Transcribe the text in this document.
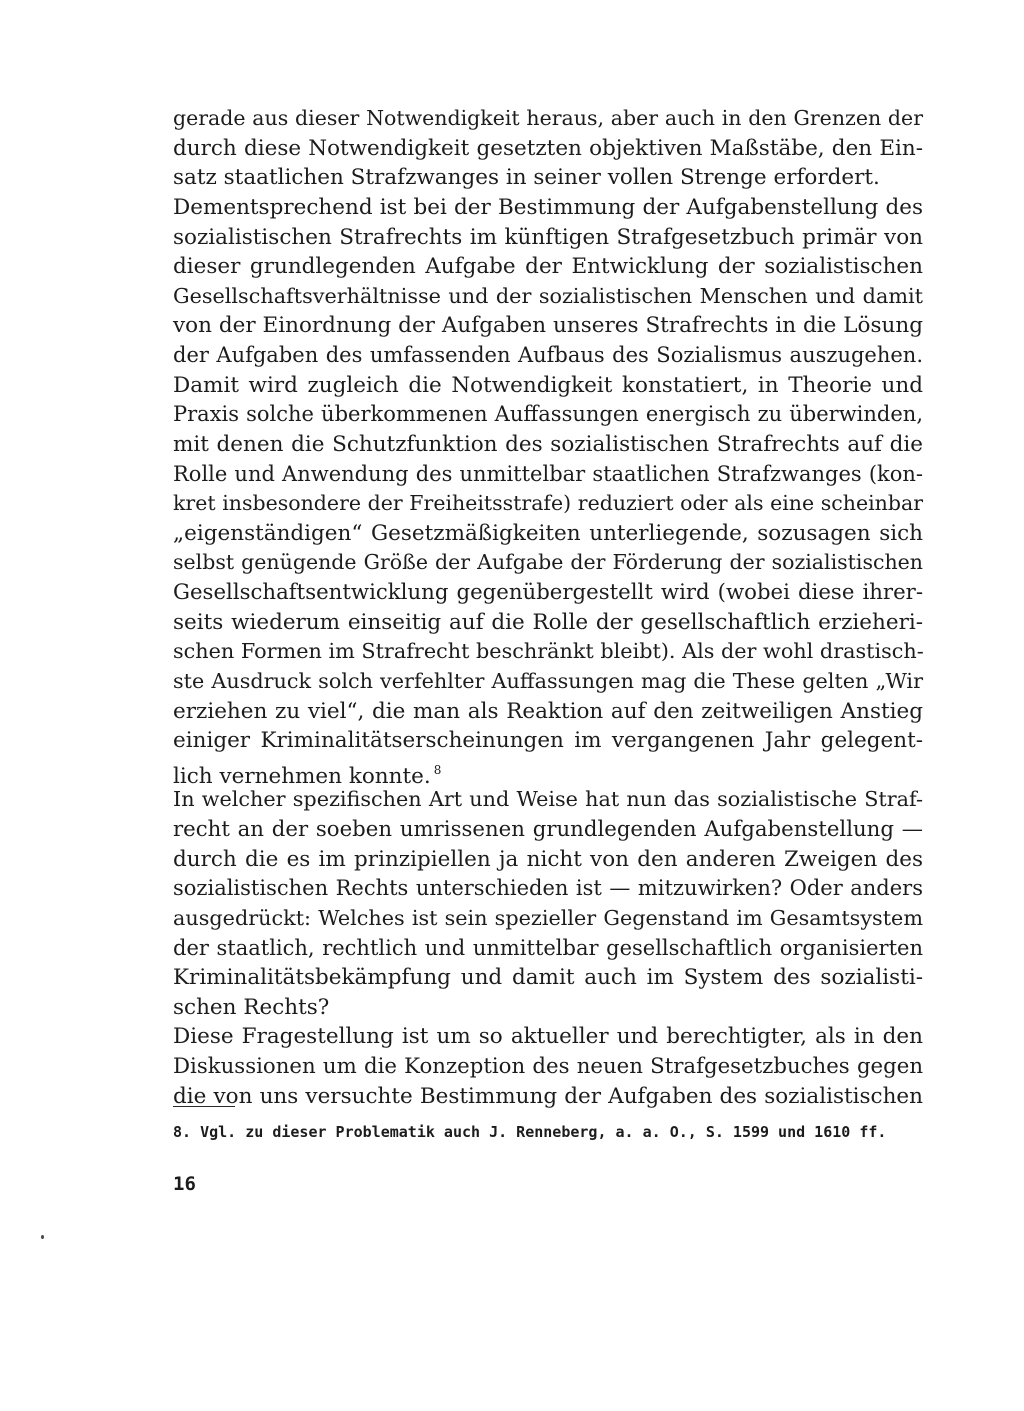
gerade aus dieser Notwendigkeit heraus, aber auch in den Grenzen der
durch diese Notwendigkeit gesetzten objektiven Maßstäbe, den Ein-
satz staatlichen Strafzwanges in seiner vollen Strenge erfordert.
Dementsprechend ist bei der Bestimmung der Aufgabenstellung des
sozialistischen Strafrechts im künftigen Strafgesetzbuch primär von
dieser grundlegenden Aufgabe der Entwicklung der sozialistischen
Gesellschaftsverhältnisse und der sozialistischen Menschen und damit
von der Einordnung der Aufgaben unseres Strafrechts in die Lösung
der Aufgaben des umfassenden Aufbaus des Sozialismus auszugehen.
Damit wird zugleich die Notwendigkeit konstatiert, in Theorie und
Praxis solche überkommenen Auffassungen energisch zu überwinden,
mit denen die Schutzfunktion des sozialistischen Strafrechts auf die
Rolle und Anwendung des unmittelbar staatlichen Strafzwanges (kon-
kret insbesondere der Freiheitsstrafe) reduziert oder als eine scheinbar
„eigenständigen“ Gesetzmäßigkeiten unterliegende, sozusagen sich
selbst genügende Größe der Aufgabe der Förderung der sozialistischen
Gesellschaftsentwicklung gegenübergestellt wird (wobei diese ihrer-
seits wiederum einseitig auf die Rolle der gesellschaftlich erzieheri-
schen Formen im Strafrecht beschränkt bleibt). Als der wohl drastisch-
ste Ausdruck solch verfehlter Auffassungen mag die These gelten „Wir
erziehen zu viel“, die man als Reaktion auf den zeitweiligen Anstieg
einiger Kriminalitätserscheinungen im vergangenen Jahr gelegent-
lich vernehmen konnte. $^8$
In welcher spezifischen Art und Weise hat nun das sozialistische Straf-
recht an der soeben umrissenen grundlegenden Aufgabenstellung —
durch die es im prinzipiellen ja nicht von den anderen Zweigen des
sozialistischen Rechts unterschieden ist — mitzuwirken? Oder anders
ausgedrückt: Welches ist sein spezieller Gegenstand im Gesamtsystem
der staatlich, rechtlich und unmittelbar gesellschaftlich organisierten
Kriminalitätsbekämpfung und damit auch im System des sozialisti-
schen Rechts?
Diese Fragestellung ist um so aktueller und berechtigter, als in den
Diskussionen um die Konzeption des neuen Strafgesetzbuches gegen
die von uns versuchte Bestimmung der Aufgaben des sozialistischen
8. Vgl. zu dieser Problematik auch J. Renneberg, a. a. O., S. 1599 und 1610 ff.
16
